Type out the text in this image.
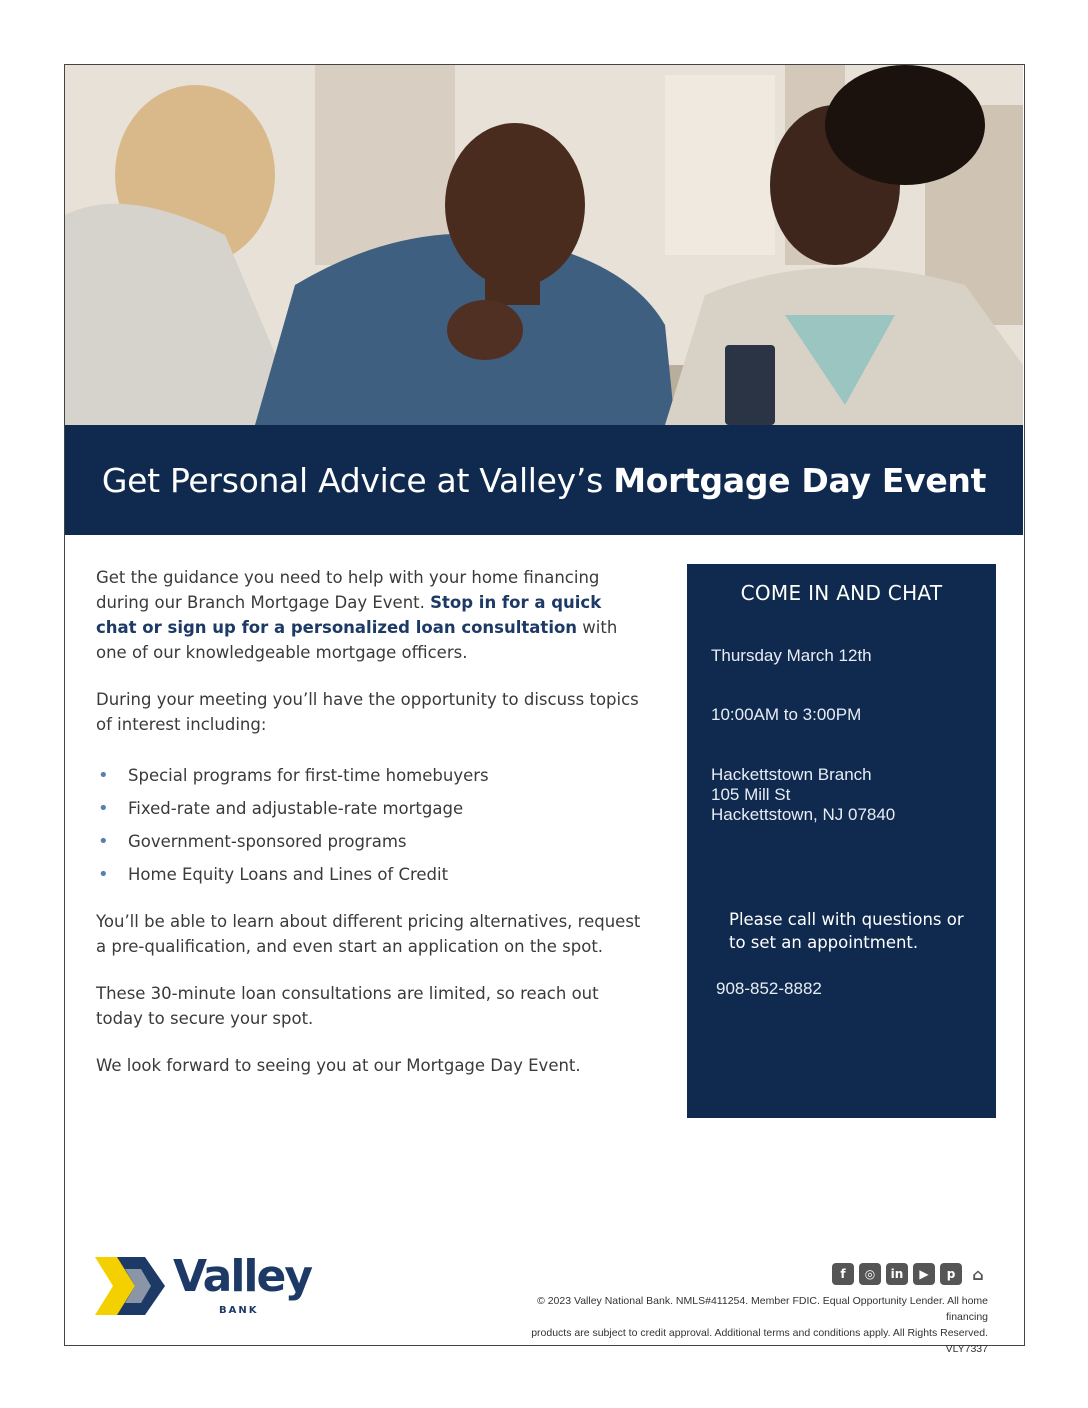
Get Personal Advice at Valley’s Mortgage Day Event

Get the guidance you need to help with your home financing during our Branch Mortgage Day Event. Stop in for a quick chat or sign up for a personalized loan consultation with one of our knowledgeable mortgage officers.

During your meeting you’ll have the opportunity to discuss topics of interest including:

• Special programs for first-time homebuyers
• Fixed-rate and adjustable-rate mortgage
• Government-sponsored programs
• Home Equity Loans and Lines of Credit

You’ll be able to learn about different pricing alternatives, request a pre-qualification, and even start an application on the spot.

These 30-minute loan consultations are limited, so reach out today to secure your spot.

We look forward to seeing you at our Mortgage Day Event.

COME IN AND CHAT
Thursday March 12th
10:00AM to 3:00PM
Hackettstown Branch
105 Mill St
Hackettstown, NJ 07840
Please call with questions or to set an appointment.
908-852-8882
Valley
BANK
f	◎	in	▶	p	⌂
© 2023 Valley National Bank. NMLS#411254. Member FDIC. Equal Opportunity Lender. All home financing
products are subject to credit approval. Additional terms and conditions apply. All Rights Reserved. VLY7337
